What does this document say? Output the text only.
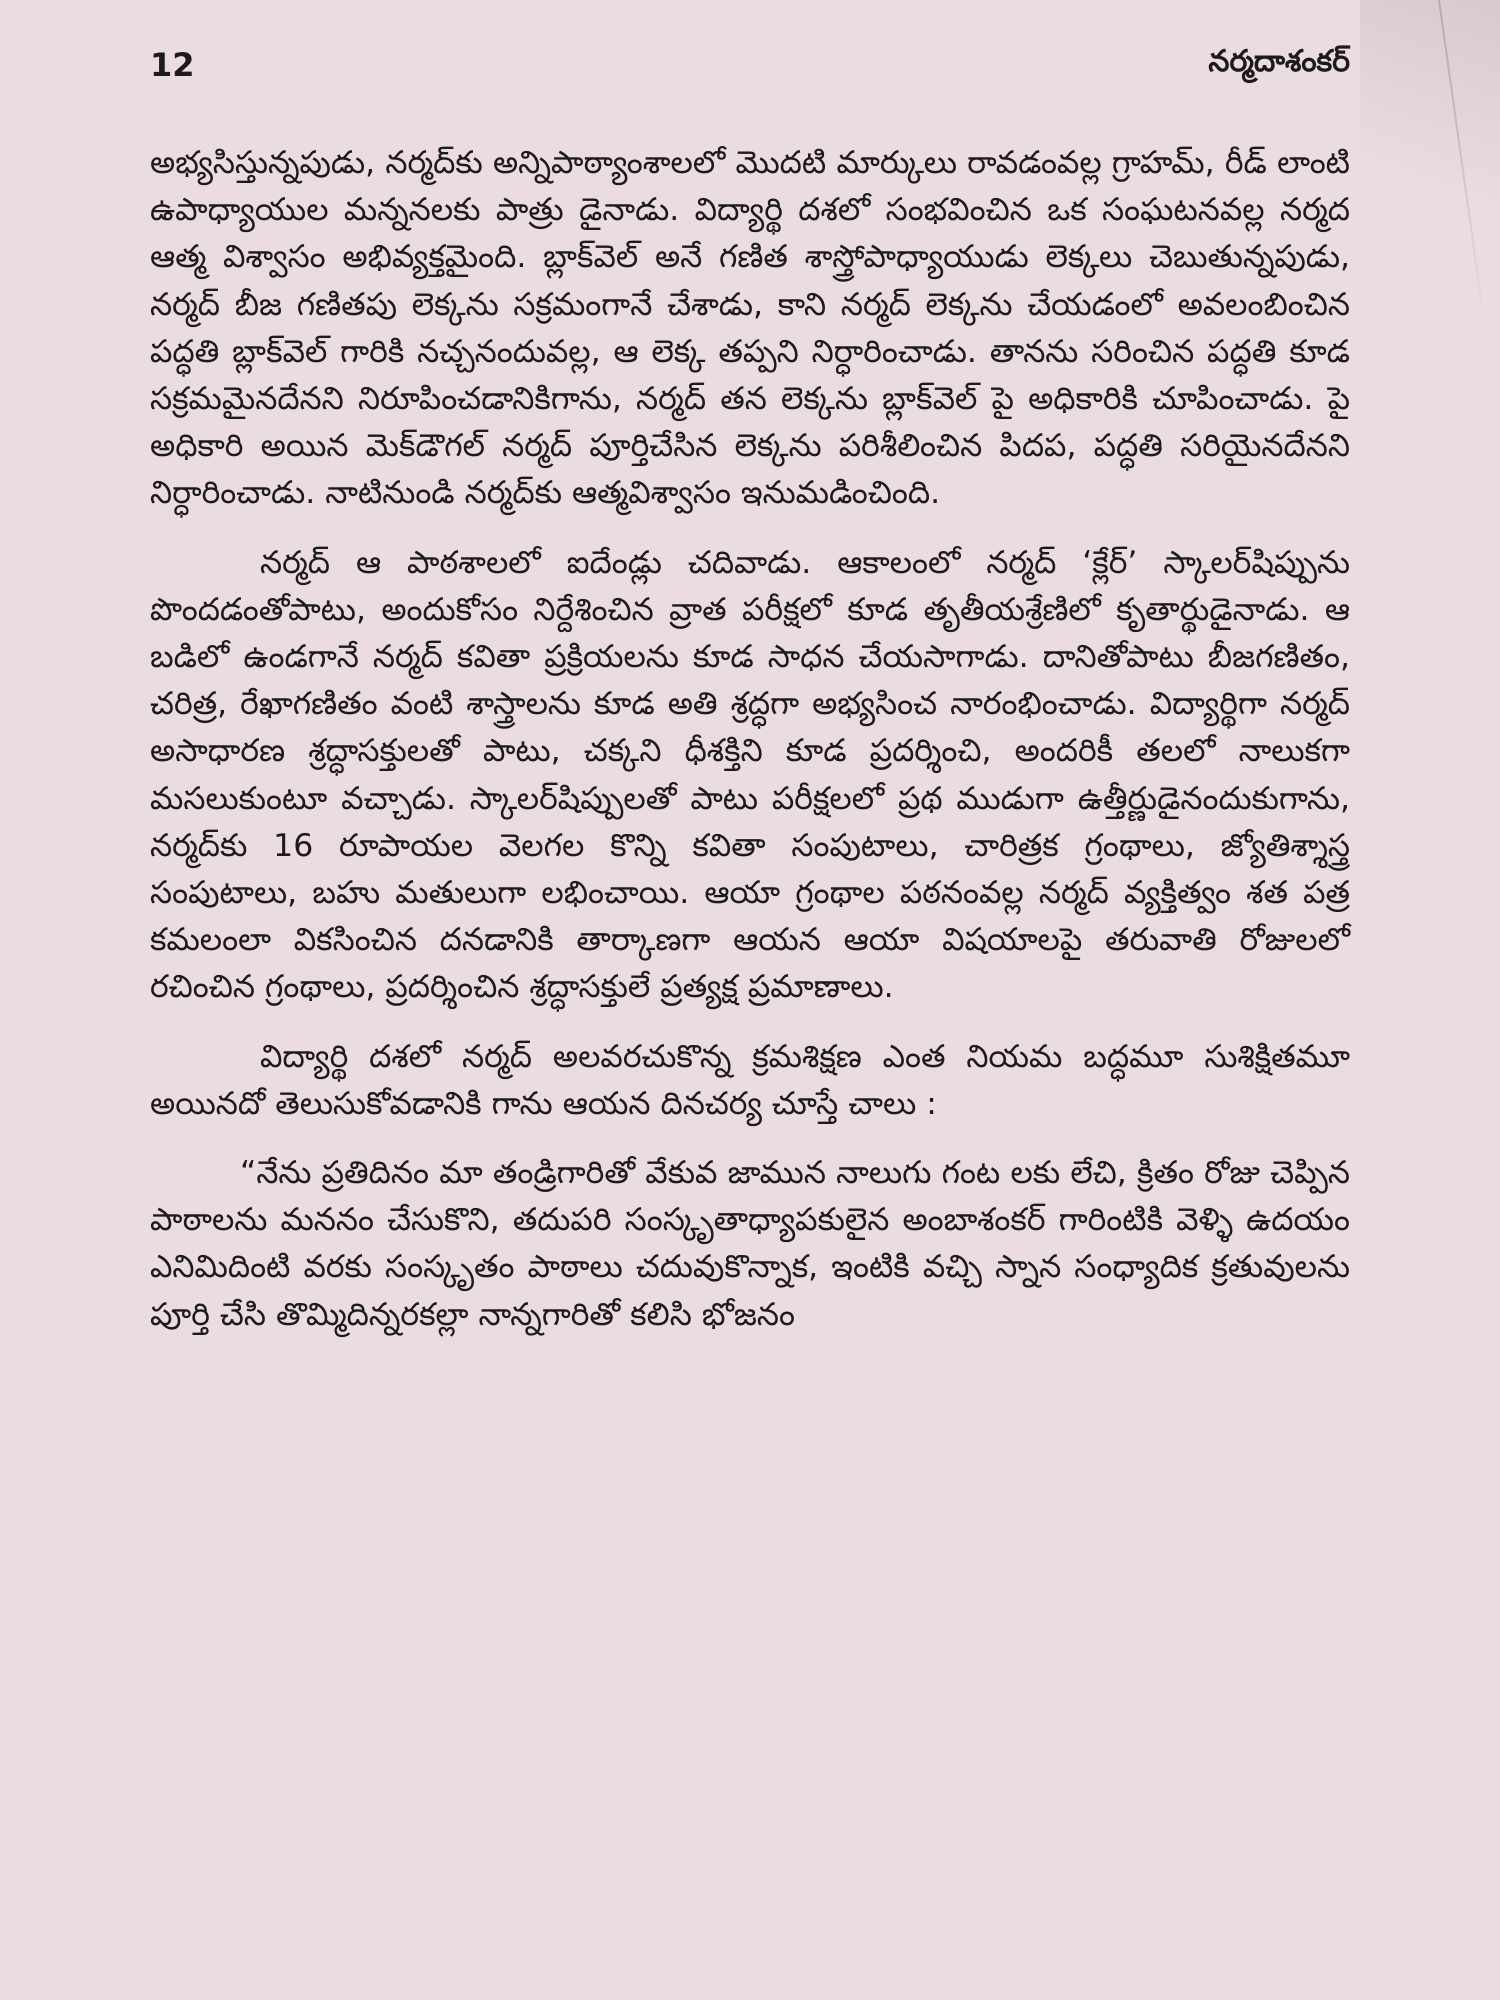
12	నర్మదాశంకర్

అభ్యసిస్తున్నపుడు, నర్మద్‌కు అన్నిపాఠ్యాంశాలలో మొదటి మార్కులు రావడంవల్ల గ్రాహమ్, రీడ్ లాంటి ఉపాధ్యాయుల మన్ననలకు పాత్రు డైనాడు. విద్యార్థి దశలో సంభవించిన ఒక సంఘటనవల్ల నర్మద ఆత్మ విశ్వాసం అభివ్యక్తమైంది. బ్లాక్‌వెల్ అనే గణిత శాస్త్రోపాధ్యాయుడు లెక్కలు చెబుతున్నపుడు, నర్మద్ బీజ గణితపు లెక్కను సక్రమంగానే చేశాడు, కాని నర్మద్ లెక్కను చేయడంలో అవలంబించిన పద్ధతి బ్లాక్‌వెల్ గారికి నచ్చనందువల్ల, ఆ లెక్క తప్పని నిర్ధారించాడు. తానను సరించిన పద్ధతి కూడ సక్రమమైనదేనని నిరూపించడానికిగాను, నర్మద్ తన లెక్కను బ్లాక్‌వెల్ పై అధికారికి చూపించాడు. పై అధికారి అయిన మెక్‌డౌగల్ నర్మద్ పూర్తిచేసిన లెక్కను పరిశీలించిన పిదప, పద్ధతి సరియైనదేనని నిర్ధారించాడు. నాటినుండి నర్మద్‌కు ఆత్మవిశ్వాసం ఇనుమడించింది.

నర్మద్ ఆ పాఠశాలలో ఐదేండ్లు చదివాడు. ఆకాలంలో నర్మద్ ‘క్లేర్’ స్కాలర్‌షిప్పును పొందడంతోపాటు, అందుకోసం నిర్దేశించిన వ్రాత పరీక్షలో కూడ తృతీయశ్రేణిలో కృతార్థుడైనాడు. ఆ బడిలో ఉండగానే నర్మద్ కవితా ప్రక్రియలను కూడ సాధన చేయసాగాడు. దానితోపాటు బీజగణితం, చరిత్ర, రేఖాగణితం వంటి శాస్త్రాలను కూడ అతి శ్రద్ధగా అభ్యసించ నారంభించాడు. విద్యార్థిగా నర్మద్ అసాధారణ శ్రద్ధాసక్తులతో పాటు, చక్కని ధీశక్తిని కూడ ప్రదర్శించి, అందరికీ తలలో నాలుకగా మసలుకుంటూ వచ్చాడు. స్కాలర్‌షిప్పులతో పాటు పరీక్షలలో ప్రథ ముడుగా ఉత్తీర్ణుడైనందుకుగాను, నర్మద్‌కు 16 రూపాయల వెలగల కొన్ని కవితా సంపుటాలు, చారిత్రక గ్రంథాలు, జ్యోతిశ్శాస్త్ర సంపుటాలు, బహు మతులుగా లభించాయి. ఆయా గ్రంథాల పఠనంవల్ల నర్మద్ వ్యక్తిత్వం శత పత్ర కమలంలా వికసించిన దనడానికి తార్కాణగా ఆయన ఆయా విషయాలపై తరువాతి రోజులలో రచించిన గ్రంథాలు, ప్రదర్శించిన శ్రద్ధాసక్తులే ప్రత్యక్ష ప్రమాణాలు.

విద్యార్థి దశలో నర్మద్ అలవరచుకొన్న క్రమశిక్షణ ఎంత నియమ బద్ధమూ సుశిక్షితమూ అయినదో తెలుసుకోవడానికి గాను ఆయన దినచర్య చూస్తే చాలు :

“నేను ప్రతిదినం మా తండ్రిగారితో వేకువ జామున నాలుగు గంట లకు లేచి, క్రితం రోజు చెప్పిన పాఠాలను మననం చేసుకొని, తదుపరి సంస్కృతాధ్యాపకులైన అంబాశంకర్ గారింటికి వెళ్ళి ఉదయం ఎనిమిదింటి వరకు సంస్కృతం పాఠాలు చదువుకొన్నాక, ఇంటికి వచ్చి స్నాన సంధ్యాదిక క్రతువులను పూర్తి చేసి తొమ్మిదిన్నరకల్లా నాన్నగారితో కలిసి భోజనం
